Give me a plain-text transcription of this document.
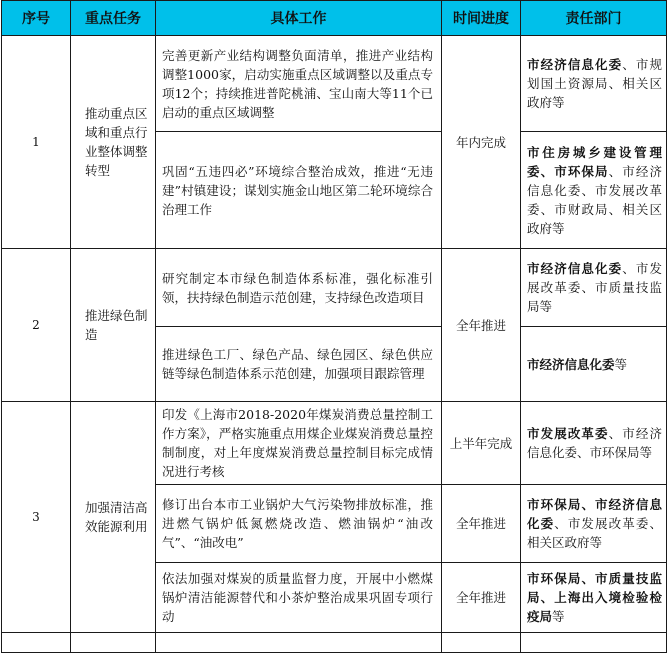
序号	重点任务	具体工作	时间进度	责任部门
1	推动重点区域和重点行业整体调整转型	完善更新产业结构调整负面清单，推进产业结构调整1000家，启动实施重点区域调整以及重点专项12个；持续推进普陀桃浦、宝山南大等11个已启动的重点区域调整	年内完成	市经济信息化委、市规划国土资源局、相关区政府等
		巩固“五违四必”环境综合整治成效，推进“无违建”村镇建设；谋划实施金山地区第二轮环境综合治理工作		市住房城乡建设管理委、市环保局、市经济信息化委、市发展改革委、市财政局、相关区政府等
2	推进绿色制造	研究制定本市绿色制造体系标准，强化标准引领，扶持绿色制造示范创建，支持绿色改造项目	全年推进	市经济信息化委、市发展改革委、市质量技监局等
		推进绿色工厂、绿色产品、绿色园区、绿色供应链等绿色制造体系示范创建，加强项目跟踪管理		市经济信息化委等
3	加强清洁高效能源利用	印发《上海市2018-2020年煤炭消费总量控制工作方案》，严格实施重点用煤企业煤炭消费总量控制制度，对上年度煤炭消费总量控制目标完成情况进行考核	上半年完成	市发展改革委、市经济信息化委、市环保局等
		修订出台本市工业锅炉大气污染物排放标准，推进燃气锅炉低氮燃烧改造、燃油锅炉“油改气”、“油改电”	全年推进	市环保局、市经济信息化委、市发展改革委、相关区政府等
		依法加强对煤炭的质量监督力度，开展中小燃煤锅炉清洁能源替代和小茶炉整治成果巩固专项行动	全年推进	市环保局、市质量技监局、上海出入境检验检疫局等
